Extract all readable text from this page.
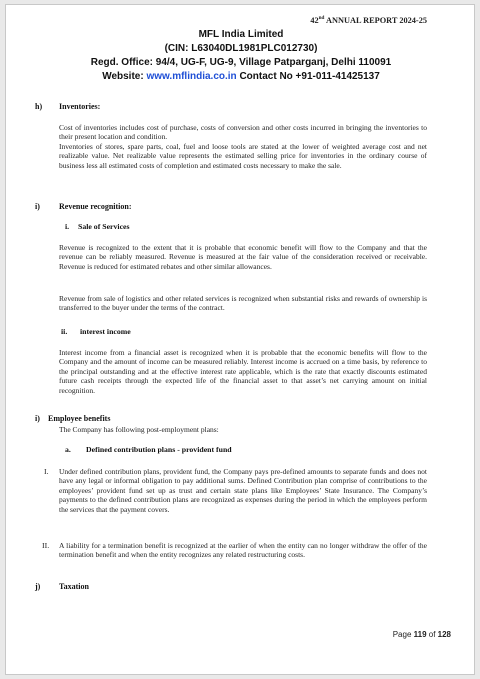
42nd ANNUAL REPORT 2024-25
MFL India Limited
(CIN: L63040DL1981PLC012730)
Regd. Office: 94/4, UG-F, UG-9, Village Patparganj, Delhi 110091
Website: www.mflindia.co.in Contact No +91-011-41425137
h) Inventories:
Cost of inventories includes cost of purchase, costs of conversion and other costs incurred in bringing the inventories to their present location and condition.
Inventories of stores, spare parts, coal, fuel and loose tools are stated at the lower of weighted average cost and net realizable value. Net realizable value represents the estimated selling price for inventories in the ordinary course of business less all estimated costs of completion and estimated costs necessary to make the sale.
i) Revenue recognition:
i. Sale of Services
Revenue is recognized to the extent that it is probable that economic benefit will flow to the Company and that the revenue can be reliably measured. Revenue is measured at the fair value of the consideration received or receivable. Revenue is reduced for estimated rebates and other similar allowances.
Revenue from sale of logistics and other related services is recognized when substantial risks and rewards of ownership is transferred to the buyer under the terms of the contract.
ii. interest income
Interest income from a financial asset is recognized when it is probable that the economic benefits will flow to the Company and the amount of income can be measured reliably. Interest income is accrued on a time basis, by reference to the principal outstanding and at the effective interest rate applicable, which is the rate that exactly discounts estimated future cash receipts through the expected life of the financial asset to that asset’s net carrying amount on initial recognition.
i) Employee benefits
The Company has following post-employment plans:
a. Defined contribution plans - provident fund
I. Under defined contribution plans, provident fund, the Company pays pre-defined amounts to separate funds and does not have any legal or informal obligation to pay additional sums. Defined Contribution plan comprise of contributions to the employees’ provident fund set up as trust and certain state plans like Employees’ State Insurance. The Company’s payments to the defined contribution plans are recognized as expenses during the period in which the employees perform the services that the payment covers.
II. A liability for a termination benefit is recognized at the earlier of when the entity can no longer withdraw the offer of the termination benefit and when the entity recognizes any related restructuring costs.
j) Taxation
Page 119 of 128
